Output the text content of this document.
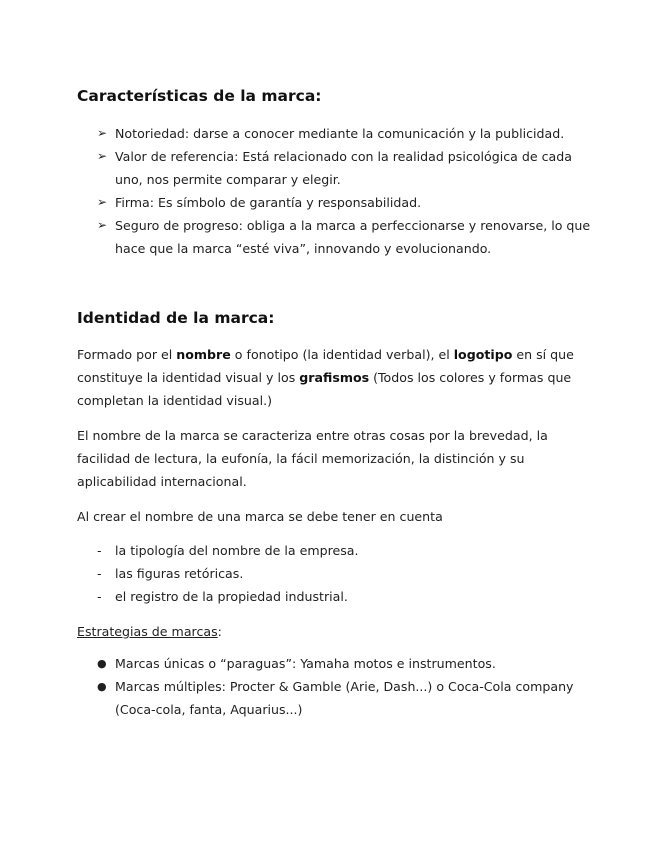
Características de la marca:
➢ Notoriedad: darse a conocer mediante la comunicación y la publicidad.
➢ Valor de referencia: Está relacionado con la realidad psicológica de cada uno, nos permite comparar y elegir.
➢ Firma: Es símbolo de garantía y responsabilidad.
➢ Seguro de progreso: obliga a la marca a perfeccionarse y renovarse, lo que hace que la marca “esté viva”, innovando y evolucionando.
Identidad de la marca:

Formado por el nombre o fonotipo (la identidad verbal), el logotipo en sí que constituye la identidad visual y los grafismos (Todos los colores y formas que completan la identidad visual.)

El nombre de la marca se caracteriza entre otras cosas por la brevedad, la facilidad de lectura, la eufonía, la fácil memorización, la distinción y su aplicabilidad internacional.

Al crear el nombre de una marca se debe tener en cuenta

-	la tipología del nombre de la empresa.
-	las figuras retóricas.
-	el registro de la propiedad industrial.

Estrategias de marcas:

● Marcas únicas o “paraguas”: Yamaha motos e instrumentos.
● Marcas múltiples: Procter & Gamble (Arie, Dash...) o Coca-Cola company (Coca-cola, fanta, Aquarius...)
